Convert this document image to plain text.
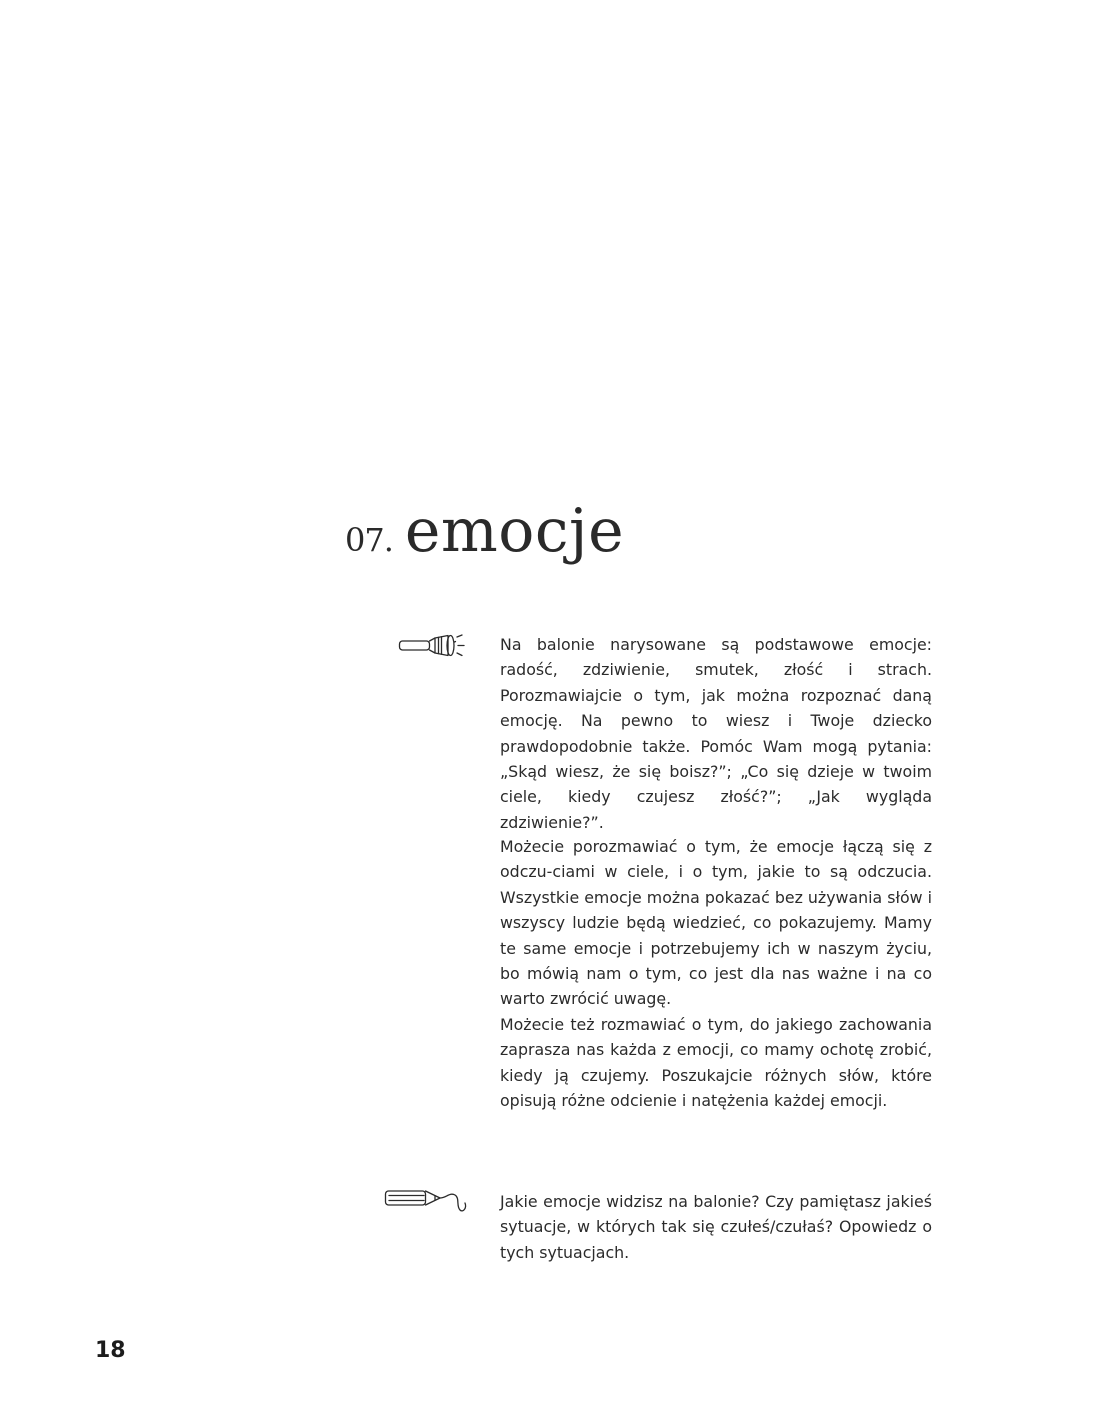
07. emocje

Na balonie narysowane są podstawowe emocje: radość, zdziwienie, smutek, złość i strach. Porozmawiajcie o tym, jak można rozpoznać daną emocję. Na pewno to wiesz i Twoje dziecko prawdopodobnie także. Pomóc Wam mogą pytania: „Skąd wiesz, że się boisz?”; „Co się dzieje w twoim ciele, kiedy czujesz złość?”; „Jak wygląda zdziwienie?”.

Możecie porozmawiać o tym, że emocje łączą się z odczu-ciami w ciele, i o tym, jakie to są odczucia. Wszystkie emocje można pokazać bez używania słów i wszyscy ludzie będą wiedzieć, co pokazujemy. Mamy te same emocje i potrzebujemy ich w naszym życiu, bo mówią nam o tym, co jest dla nas ważne i na co warto zwrócić uwagę.

Możecie też rozmawiać o tym, do jakiego zachowania zaprasza nas każda z emocji, co mamy ochotę zrobić, kiedy ją czujemy. Poszukajcie różnych słów, które opisują różne odcienie i natężenia każdej emocji.

Jakie emocje widzisz na balonie? Czy pamiętasz jakieś sytuacje, w których tak się czułeś/czułaś? Opowiedz o tych sytuacjach.

18
